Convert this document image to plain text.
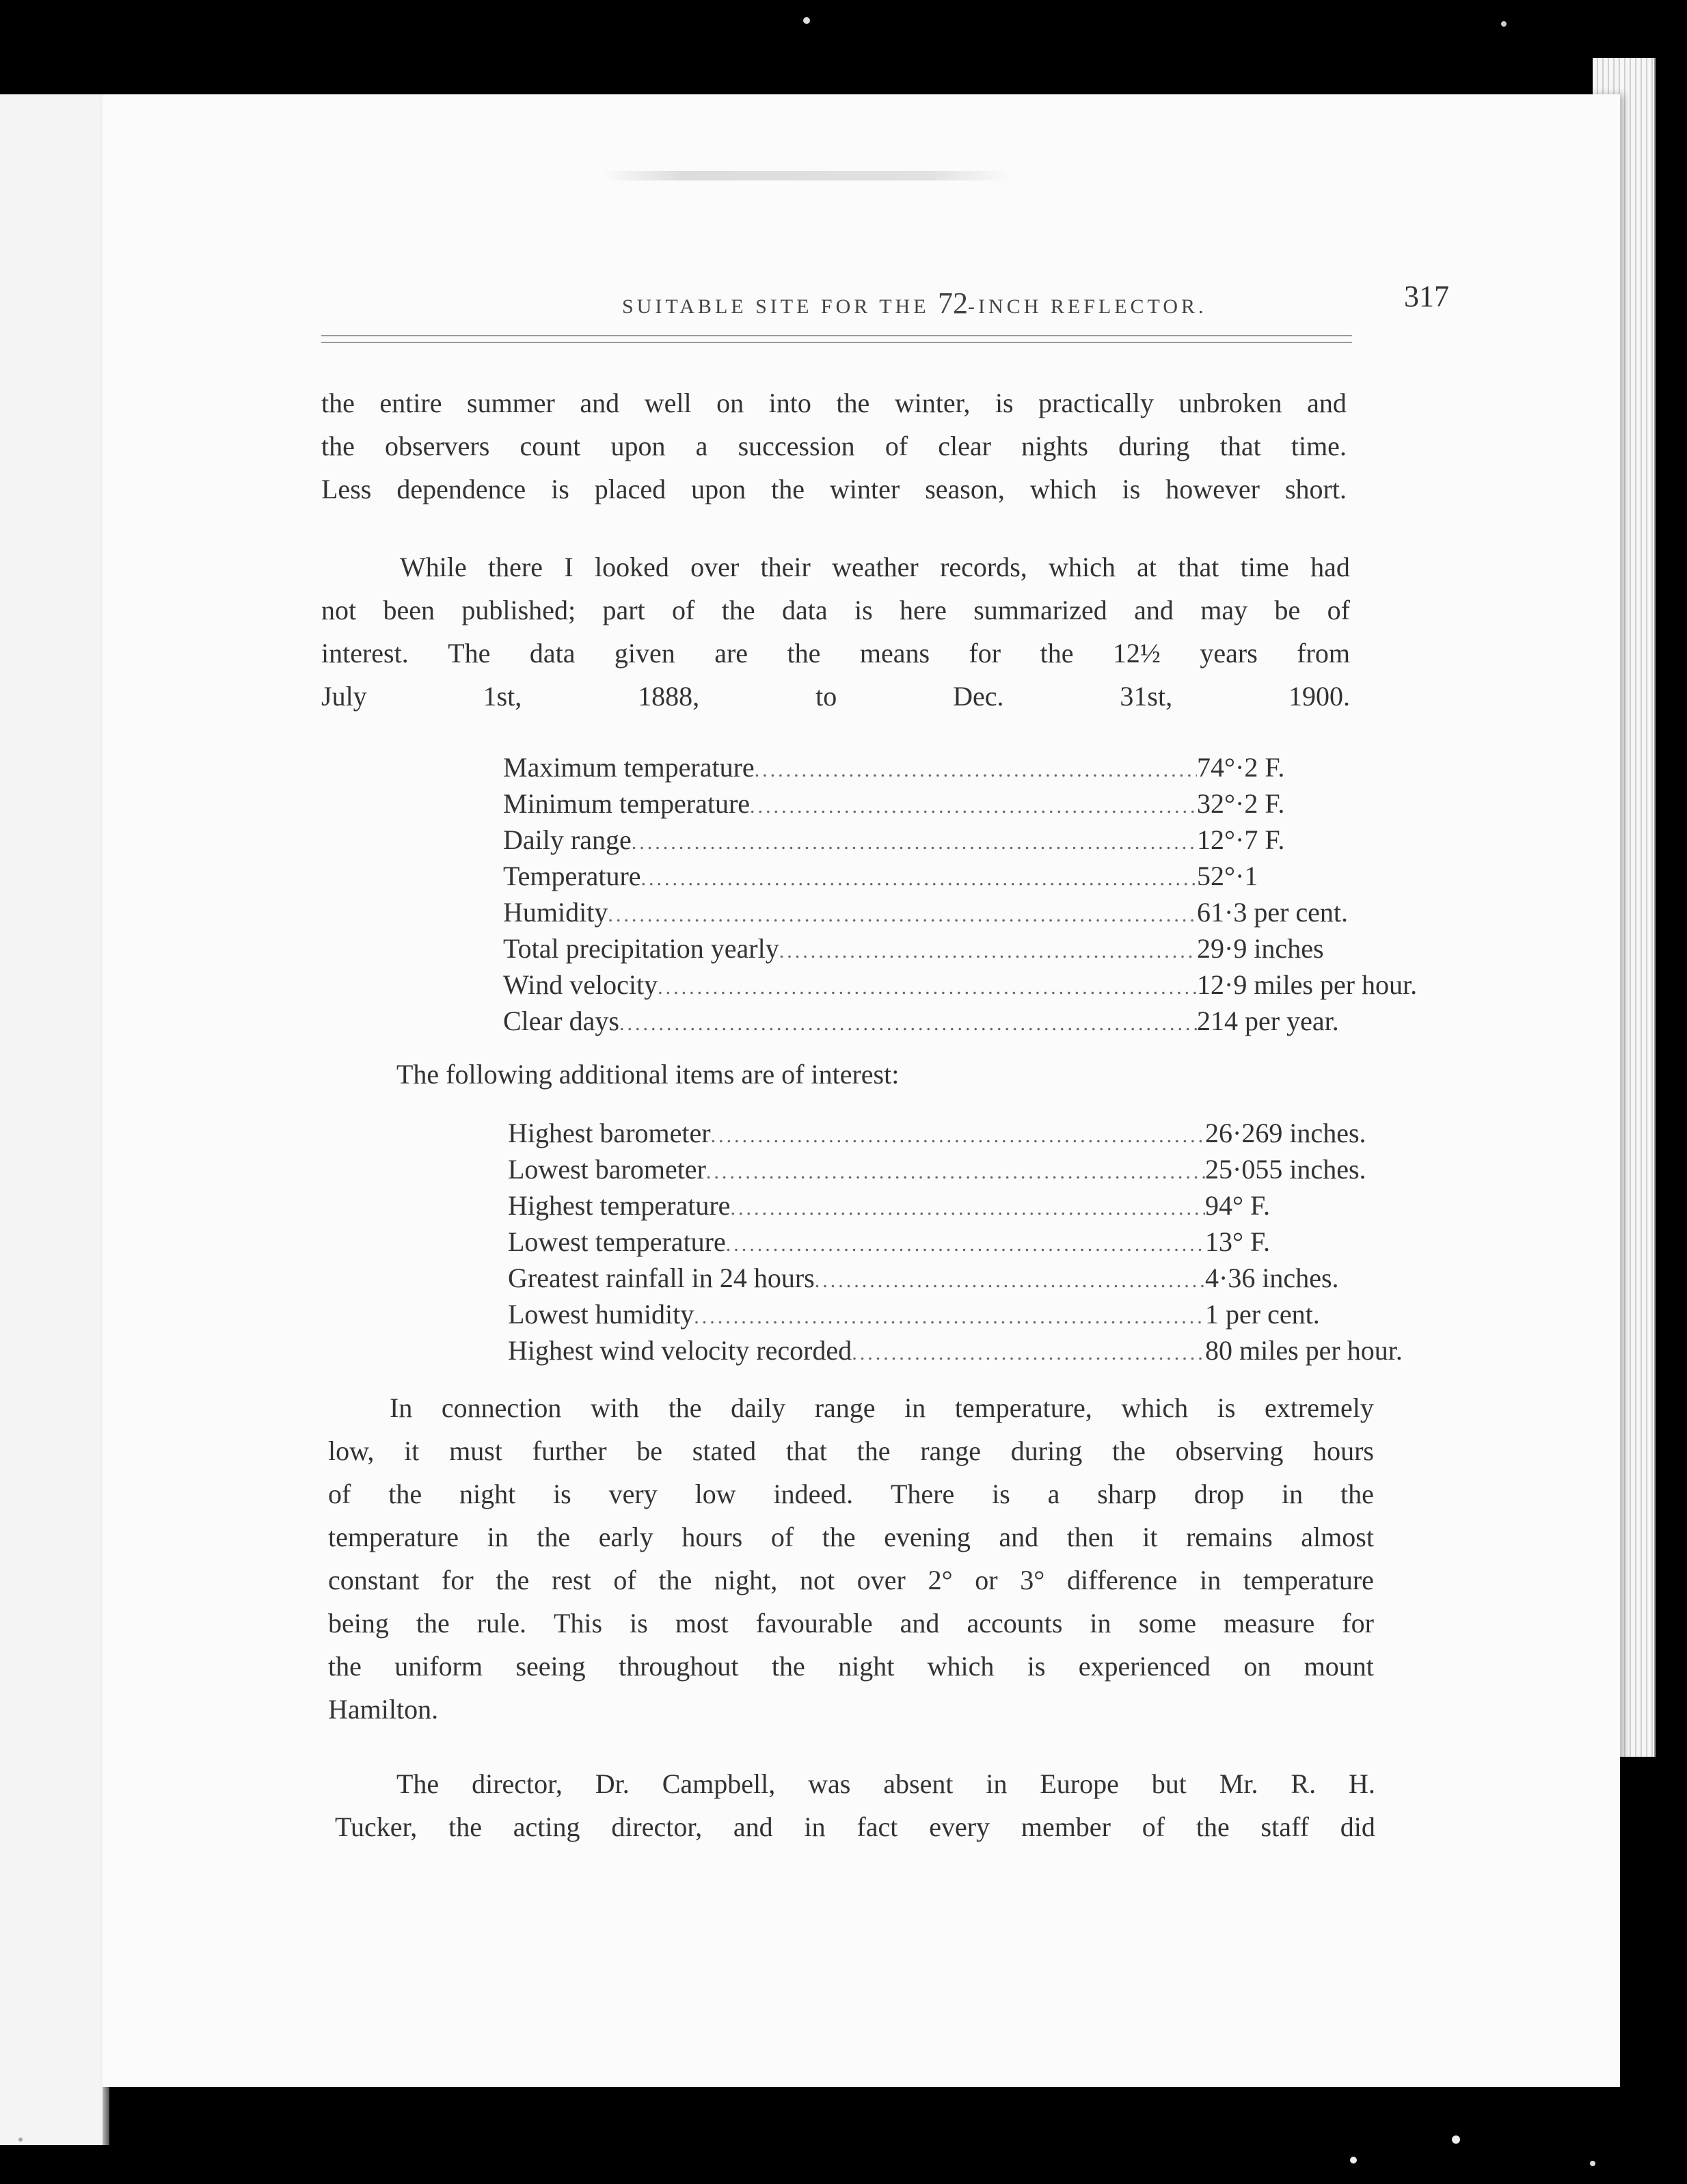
SUITABLE SITE FOR THE 72-INCH REFLECTOR.	317
the entire summer and well on into the winter, is practically unbroken and
the observers count upon a succession of clear nights during that time.
Less dependence is placed upon the winter season, which is however short.
While there I looked over their weather records, which at that time had
not been published; part of the data is here summarized and may be of
interest. The data given are the means for the 12½ years from
July 1st, 1888, to Dec. 31st, 1900.
Maximum temperature .....	74°·2 F.
Minimum temperature .....	32°·2 F.
Daily range .....	12°·7 F.
Temperature .....	52°·1
Humidity .....	61·3 per cent.
Total precipitation yearly .....	29·9 inches
Wind velocity .....	12·9 miles per hour.
Clear days .....	214 per year.

The following additional items are of interest:

Highest barometer .....	26·269 inches.
Lowest barometer .....	25·055 inches.
Highest temperature .....	94° F.
Lowest temperature .....	13° F.
Greatest rainfall in 24 hours .....	4·36 inches.
Lowest humidity .....	1 per cent.
Highest wind velocity recorded .....	80 miles per hour.
In connection with the daily range in temperature, which is extremely
low, it must further be stated that the range during the observing hours
of the night is very low indeed. There is a sharp drop in the
temperature in the early hours of the evening and then it remains almost
constant for the rest of the night, not over 2° or 3° difference in temperature
being the rule. This is most favourable and accounts in some measure for
the uniform seeing throughout the night which is experienced on mount
Hamilton.
The director, Dr. Campbell, was absent in Europe but Mr. R. H.
Tucker, the acting director, and in fact every member of the staff did
